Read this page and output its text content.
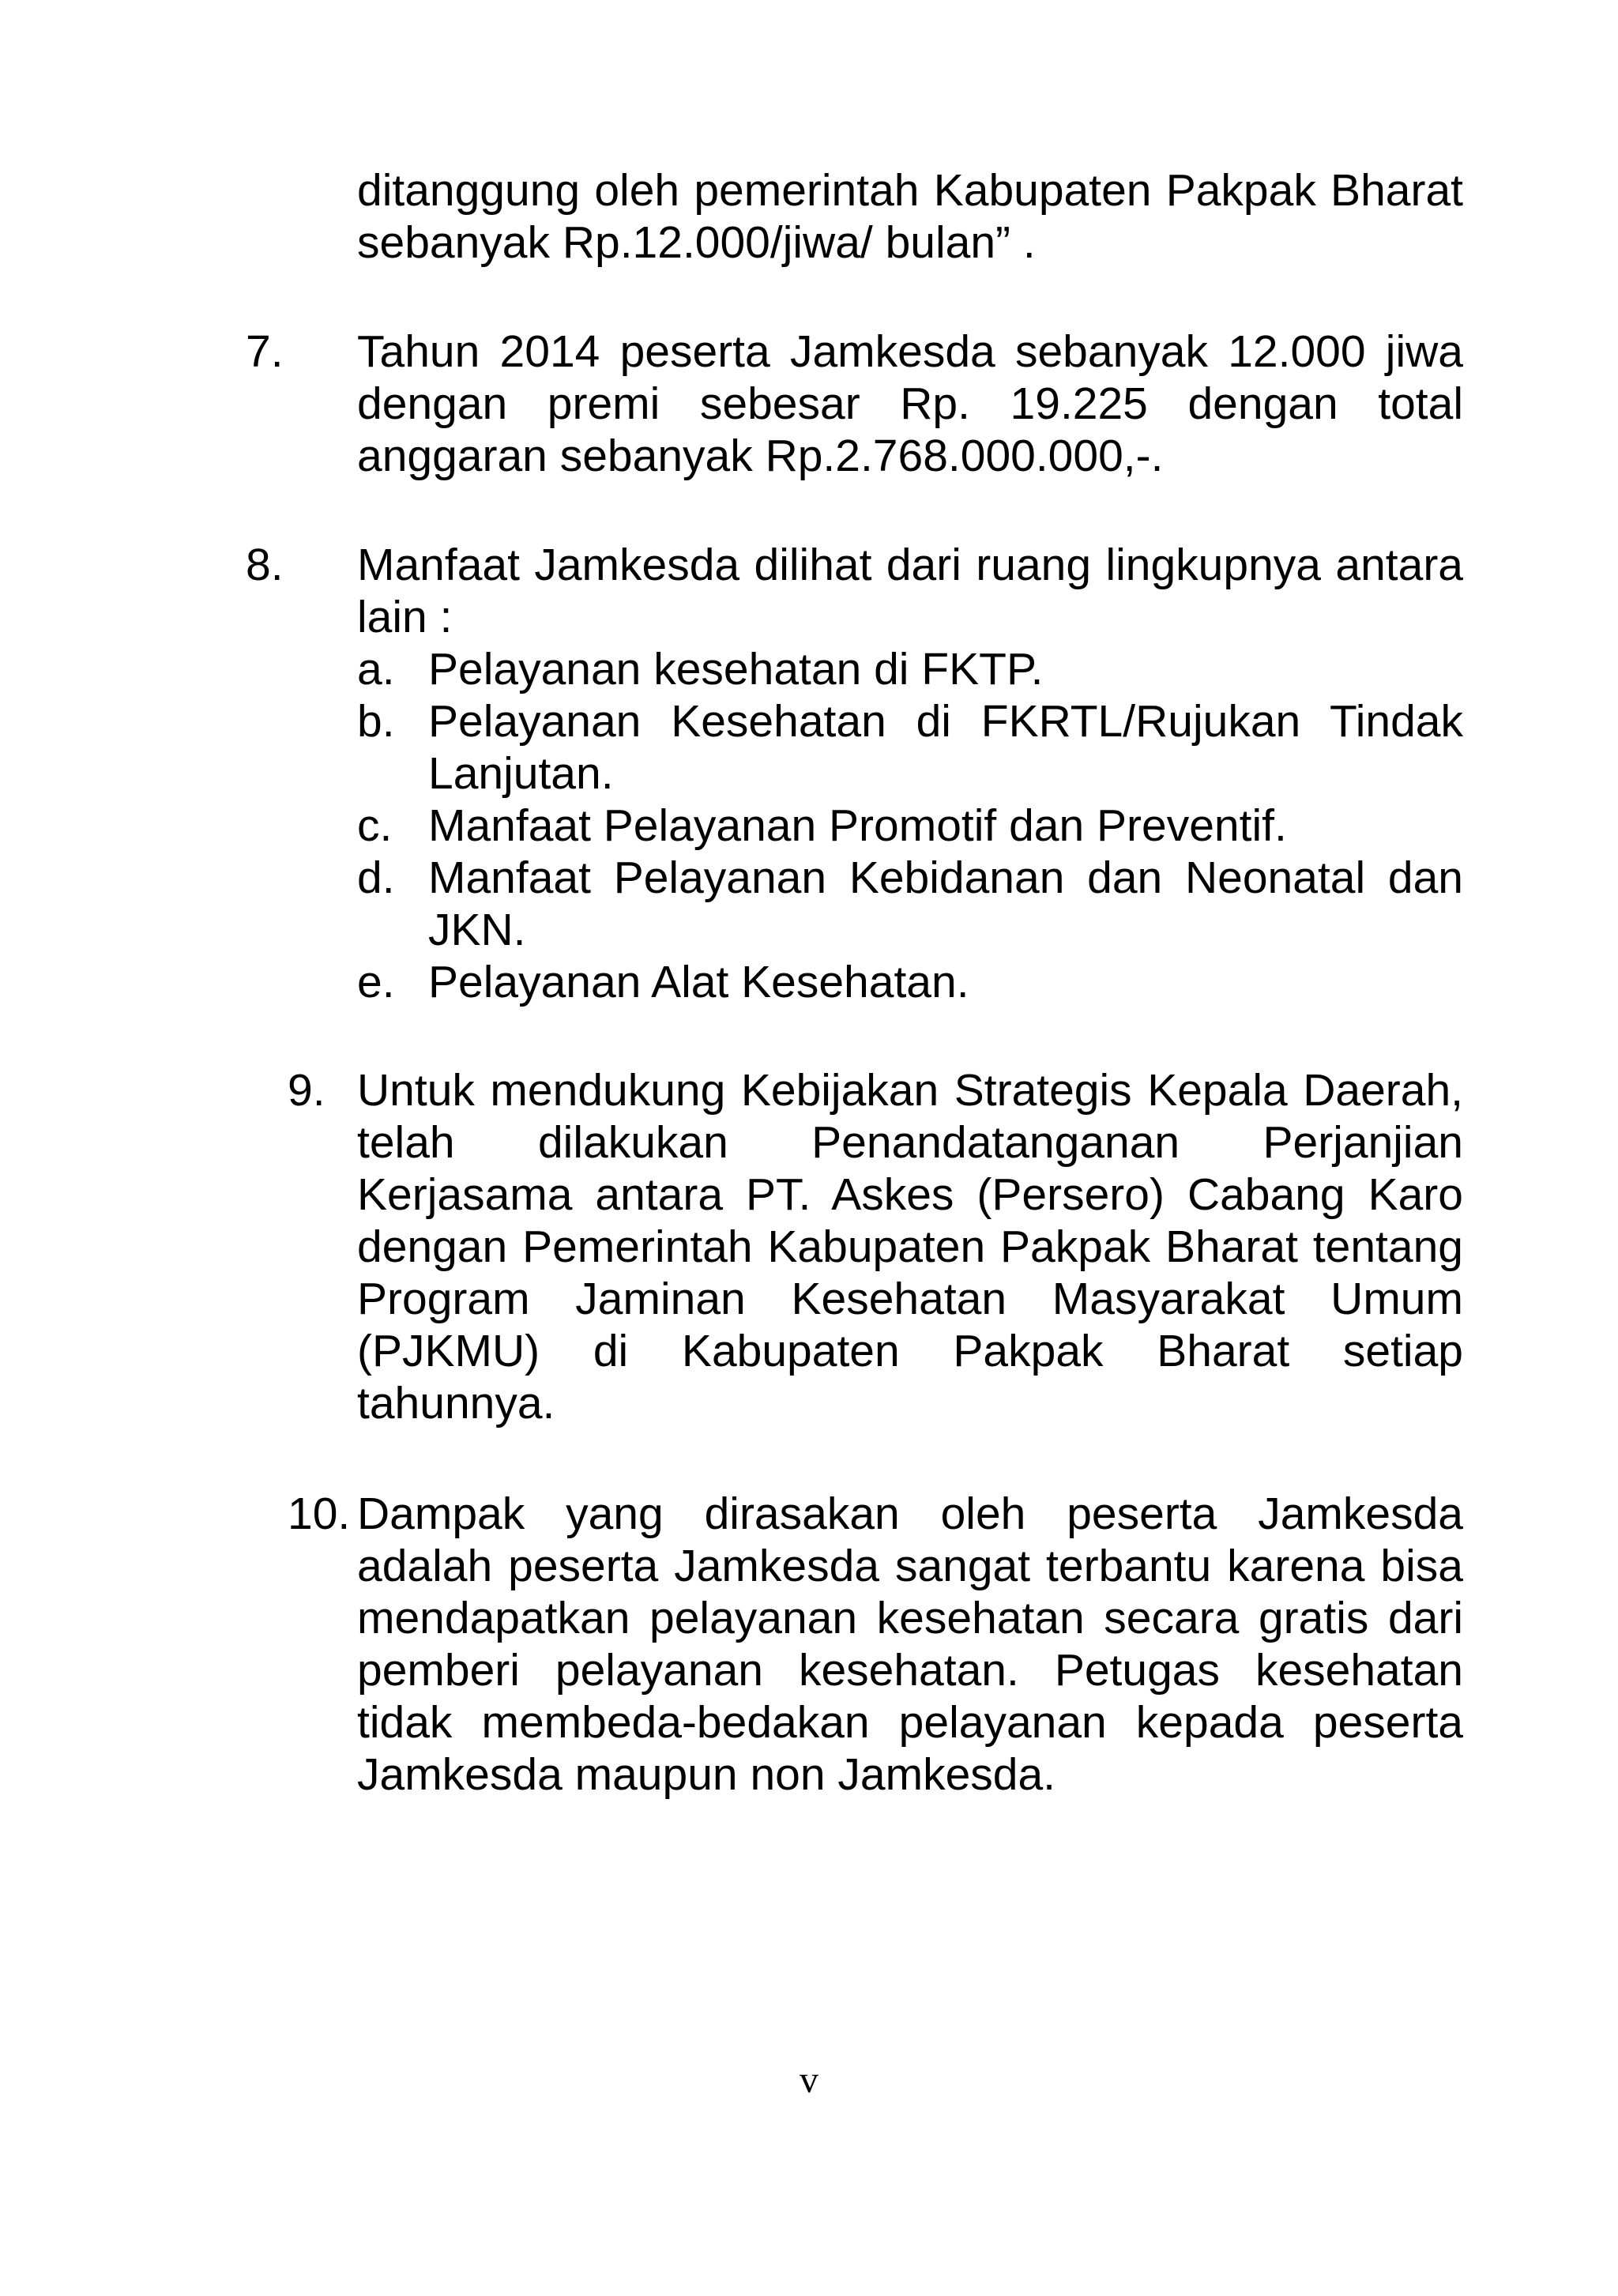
ditanggung oleh pemerintah Kabupaten Pakpak Bharat sebanyak Rp.12.000/jiwa/ bulan” .
7. Tahun 2014 peserta Jamkesda sebanyak 12.000 jiwa dengan premi sebesar Rp. 19.225 dengan total anggaran sebanyak Rp.2.768.000.000,-.
8. Manfaat Jamkesda dilihat dari ruang lingkupnya antara lain :
a. Pelayanan kesehatan di FKTP.
b. Pelayanan Kesehatan di FKRTL/Rujukan Tindak Lanjutan.
c. Manfaat Pelayanan Promotif dan Preventif.
d. Manfaat Pelayanan Kebidanan dan Neonatal dan JKN.
e. Pelayanan Alat Kesehatan.
9. Untuk mendukung Kebijakan Strategis Kepala Daerah, telah dilakukan Penandatanganan Perjanjian Kerjasama antara PT. Askes (Persero) Cabang Karo dengan Pemerintah Kabupaten Pakpak Bharat tentang Program Jaminan Kesehatan Masyarakat Umum (PJKMU) di Kabupaten Pakpak Bharat setiap tahunnya.
10. Dampak yang dirasakan oleh peserta Jamkesda adalah peserta Jamkesda sangat terbantu karena bisa mendapatkan pelayanan kesehatan secara gratis dari pemberi pelayanan kesehatan. Petugas kesehatan tidak membeda-bedakan pelayanan kepada peserta Jamkesda maupun non Jamkesda.
v
